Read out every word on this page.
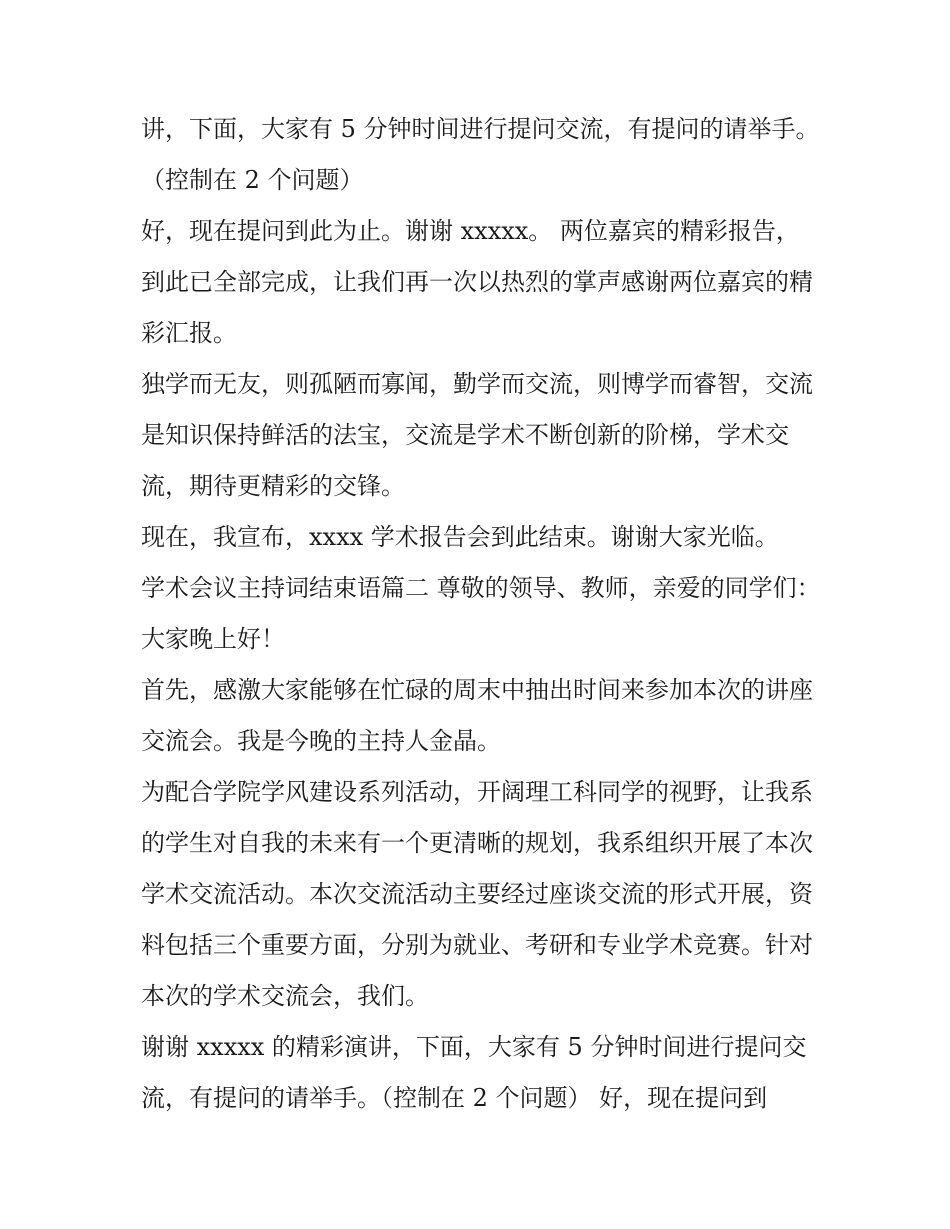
讲，下面，大家有 5 分钟时间进行提问交流，有提问的请举手。（控制在 2 个问题）

好，现在提问到此为止。谢谢 xxxxx。 两位嘉宾的精彩报告，到此已全部完成，让我们再一次以热烈的掌声感谢两位嘉宾的精彩汇报。

独学而无友，则孤陋而寡闻，勤学而交流，则博学而睿智，交流是知识保持鲜活的法宝，交流是学术不断创新的阶梯，学术交流，期待更精彩的交锋。

现在，我宣布，xxxx 学术报告会到此结束。谢谢大家光临。

学术会议主持词结束语篇二 尊敬的领导、教师，亲爱的同学们： 大家晚上好！

首先，感激大家能够在忙碌的周末中抽出时间来参加本次的讲座交流会。我是今晚的主持人金晶。

为配合学院学风建设系列活动，开阔理工科同学的视野，让我系的学生对自我的未来有一个更清晰的规划，我系组织开展了本次学术交流活动。本次交流活动主要经过座谈交流的形式开展，资料包括三个重要方面，分别为就业、考研和专业学术竞赛。针对本次的学术交流会，我们。

谢谢 xxxxx 的精彩演讲，下面，大家有 5 分钟时间进行提问交流，有提问的请举手。（控制在 2 个问题） 好，现在提问到
